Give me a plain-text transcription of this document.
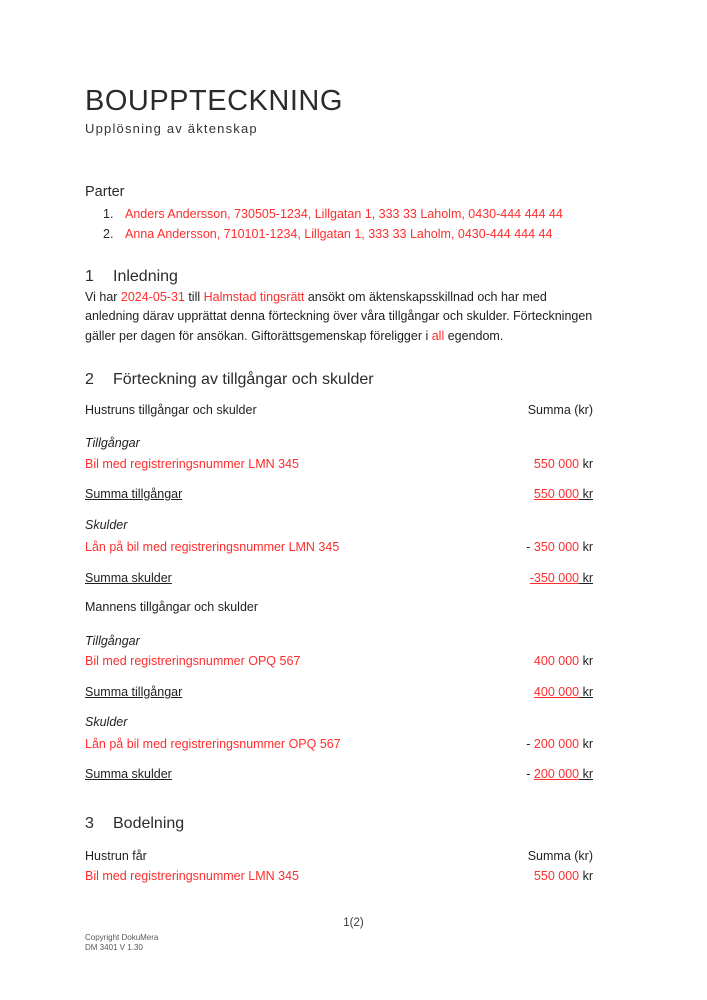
BOUPPTECKNING
Upplösning av äktenskap
Parter
1. Anders Andersson, 730505-1234, Lillgatan 1, 333 33 Laholm, 0430-444 444 44
2. Anna Andersson, 710101-1234, Lillgatan 1, 333 33 Laholm, 0430-444 444 44
1 Inledning

Vi har 2024-05-31 till Halmstad tingsrätt ansökt om äktenskapsskillnad och har med anledning därav upprättat denna förteckning över våra tillgångar och skulder. Förteckningen gäller per dagen för ansökan. Giftorättsgemenskap föreligger i all egendom.

2 Förteckning av tillgångar och skulder
Hustruns tillgångar och skulder	Summa (kr)
Tillgångar
Bil med registreringsnummer LMN 345	550 000 kr
Summa tillgångar	550 000 kr
Skulder
Lån på bil med registreringsnummer LMN 345	- 350 000 kr
Summa skulder	-350 000 kr
Mannens tillgångar och skulder
Tillgångar
Bil med registreringsnummer OPQ 567	400 000 kr
Summa tillgångar	400 000 kr
Skulder
Lån på bil med registreringsnummer OPQ 567	- 200 000 kr
Summa skulder	- 200 000 kr
3 Bodelning
Hustrun får	Summa (kr)
Bil med registreringsnummer LMN 345	550 000 kr
1(2)
Copyright DokuMera
DM 3401 V 1.30
